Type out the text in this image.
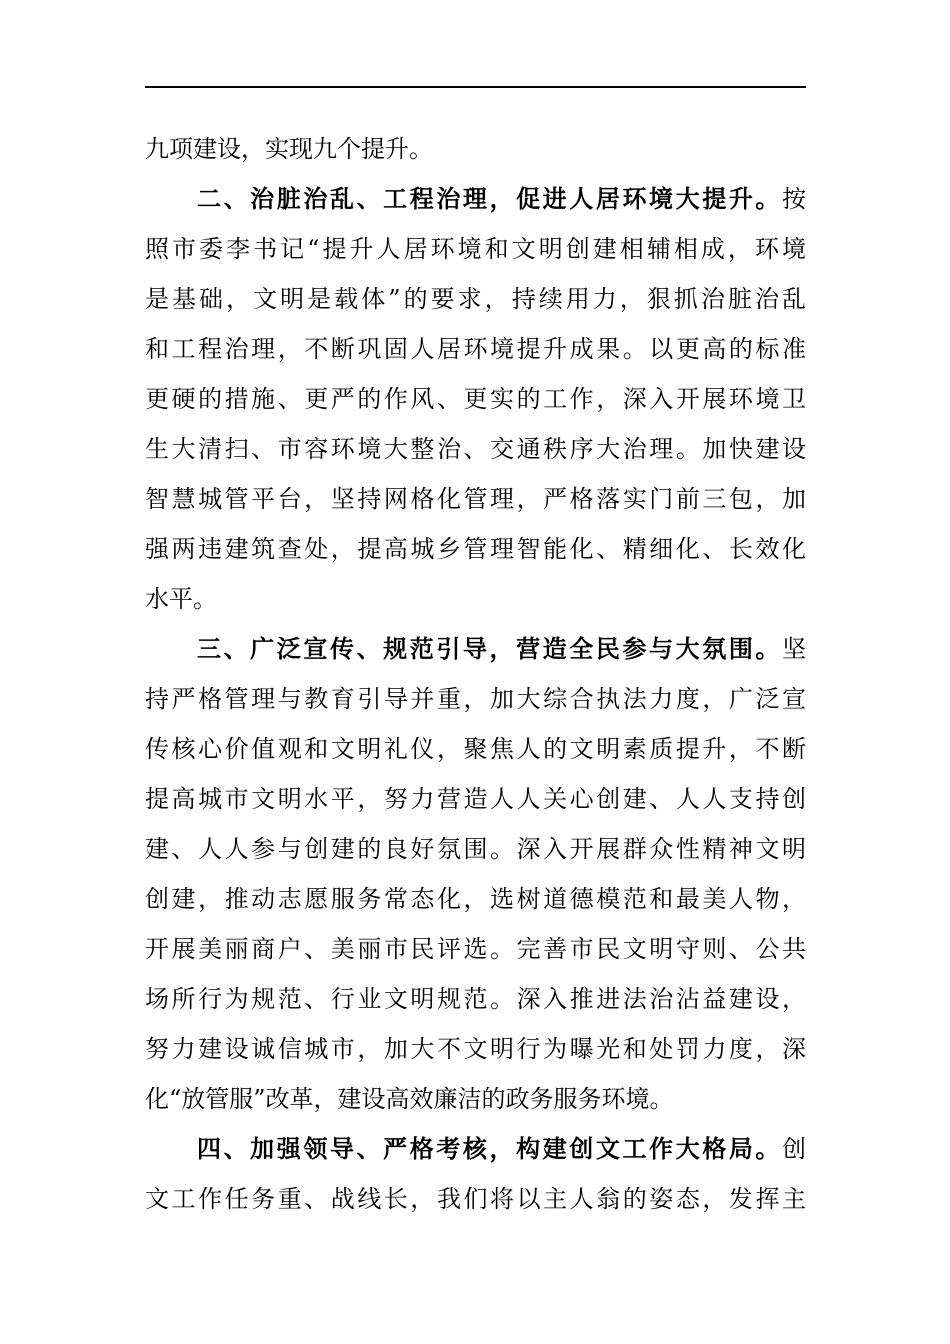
九项建设，实现九个提升。
二、治脏治乱、工程治理，促进人居环境大提升。按
照市委李书记“提升人居环境和文明创建相辅相成，环境
是基础，文明是载体”的要求，持续用力，狠抓治脏治乱
和工程治理，不断巩固人居环境提升成果。以更高的标准
更硬的措施、更严的作风、更实的工作，深入开展环境卫
生大清扫、市容环境大整治、交通秩序大治理。加快建设
智慧城管平台，坚持网格化管理，严格落实门前三包，加
强两违建筑查处，提高城乡管理智能化、精细化、长效化
水平。
三、广泛宣传、规范引导，营造全民参与大氛围。坚
持严格管理与教育引导并重，加大综合执法力度，广泛宣
传核心价值观和文明礼仪，聚焦人的文明素质提升，不断
提高城市文明水平，努力营造人人关心创建、人人支持创
建、人人参与创建的良好氛围。深入开展群众性精神文明
创建，推动志愿服务常态化，选树道德模范和最美人物，
开展美丽商户、美丽市民评选。完善市民文明守则、公共
场所行为规范、行业文明规范。深入推进法治沾益建设，
努力建设诚信城市，加大不文明行为曝光和处罚力度，深
化“放管服”改革，建设高效廉洁的政务服务环境。
四、加强领导、严格考核，构建创文工作大格局。创
文工作任务重、战线长，我们将以主人翁的姿态，发挥主
